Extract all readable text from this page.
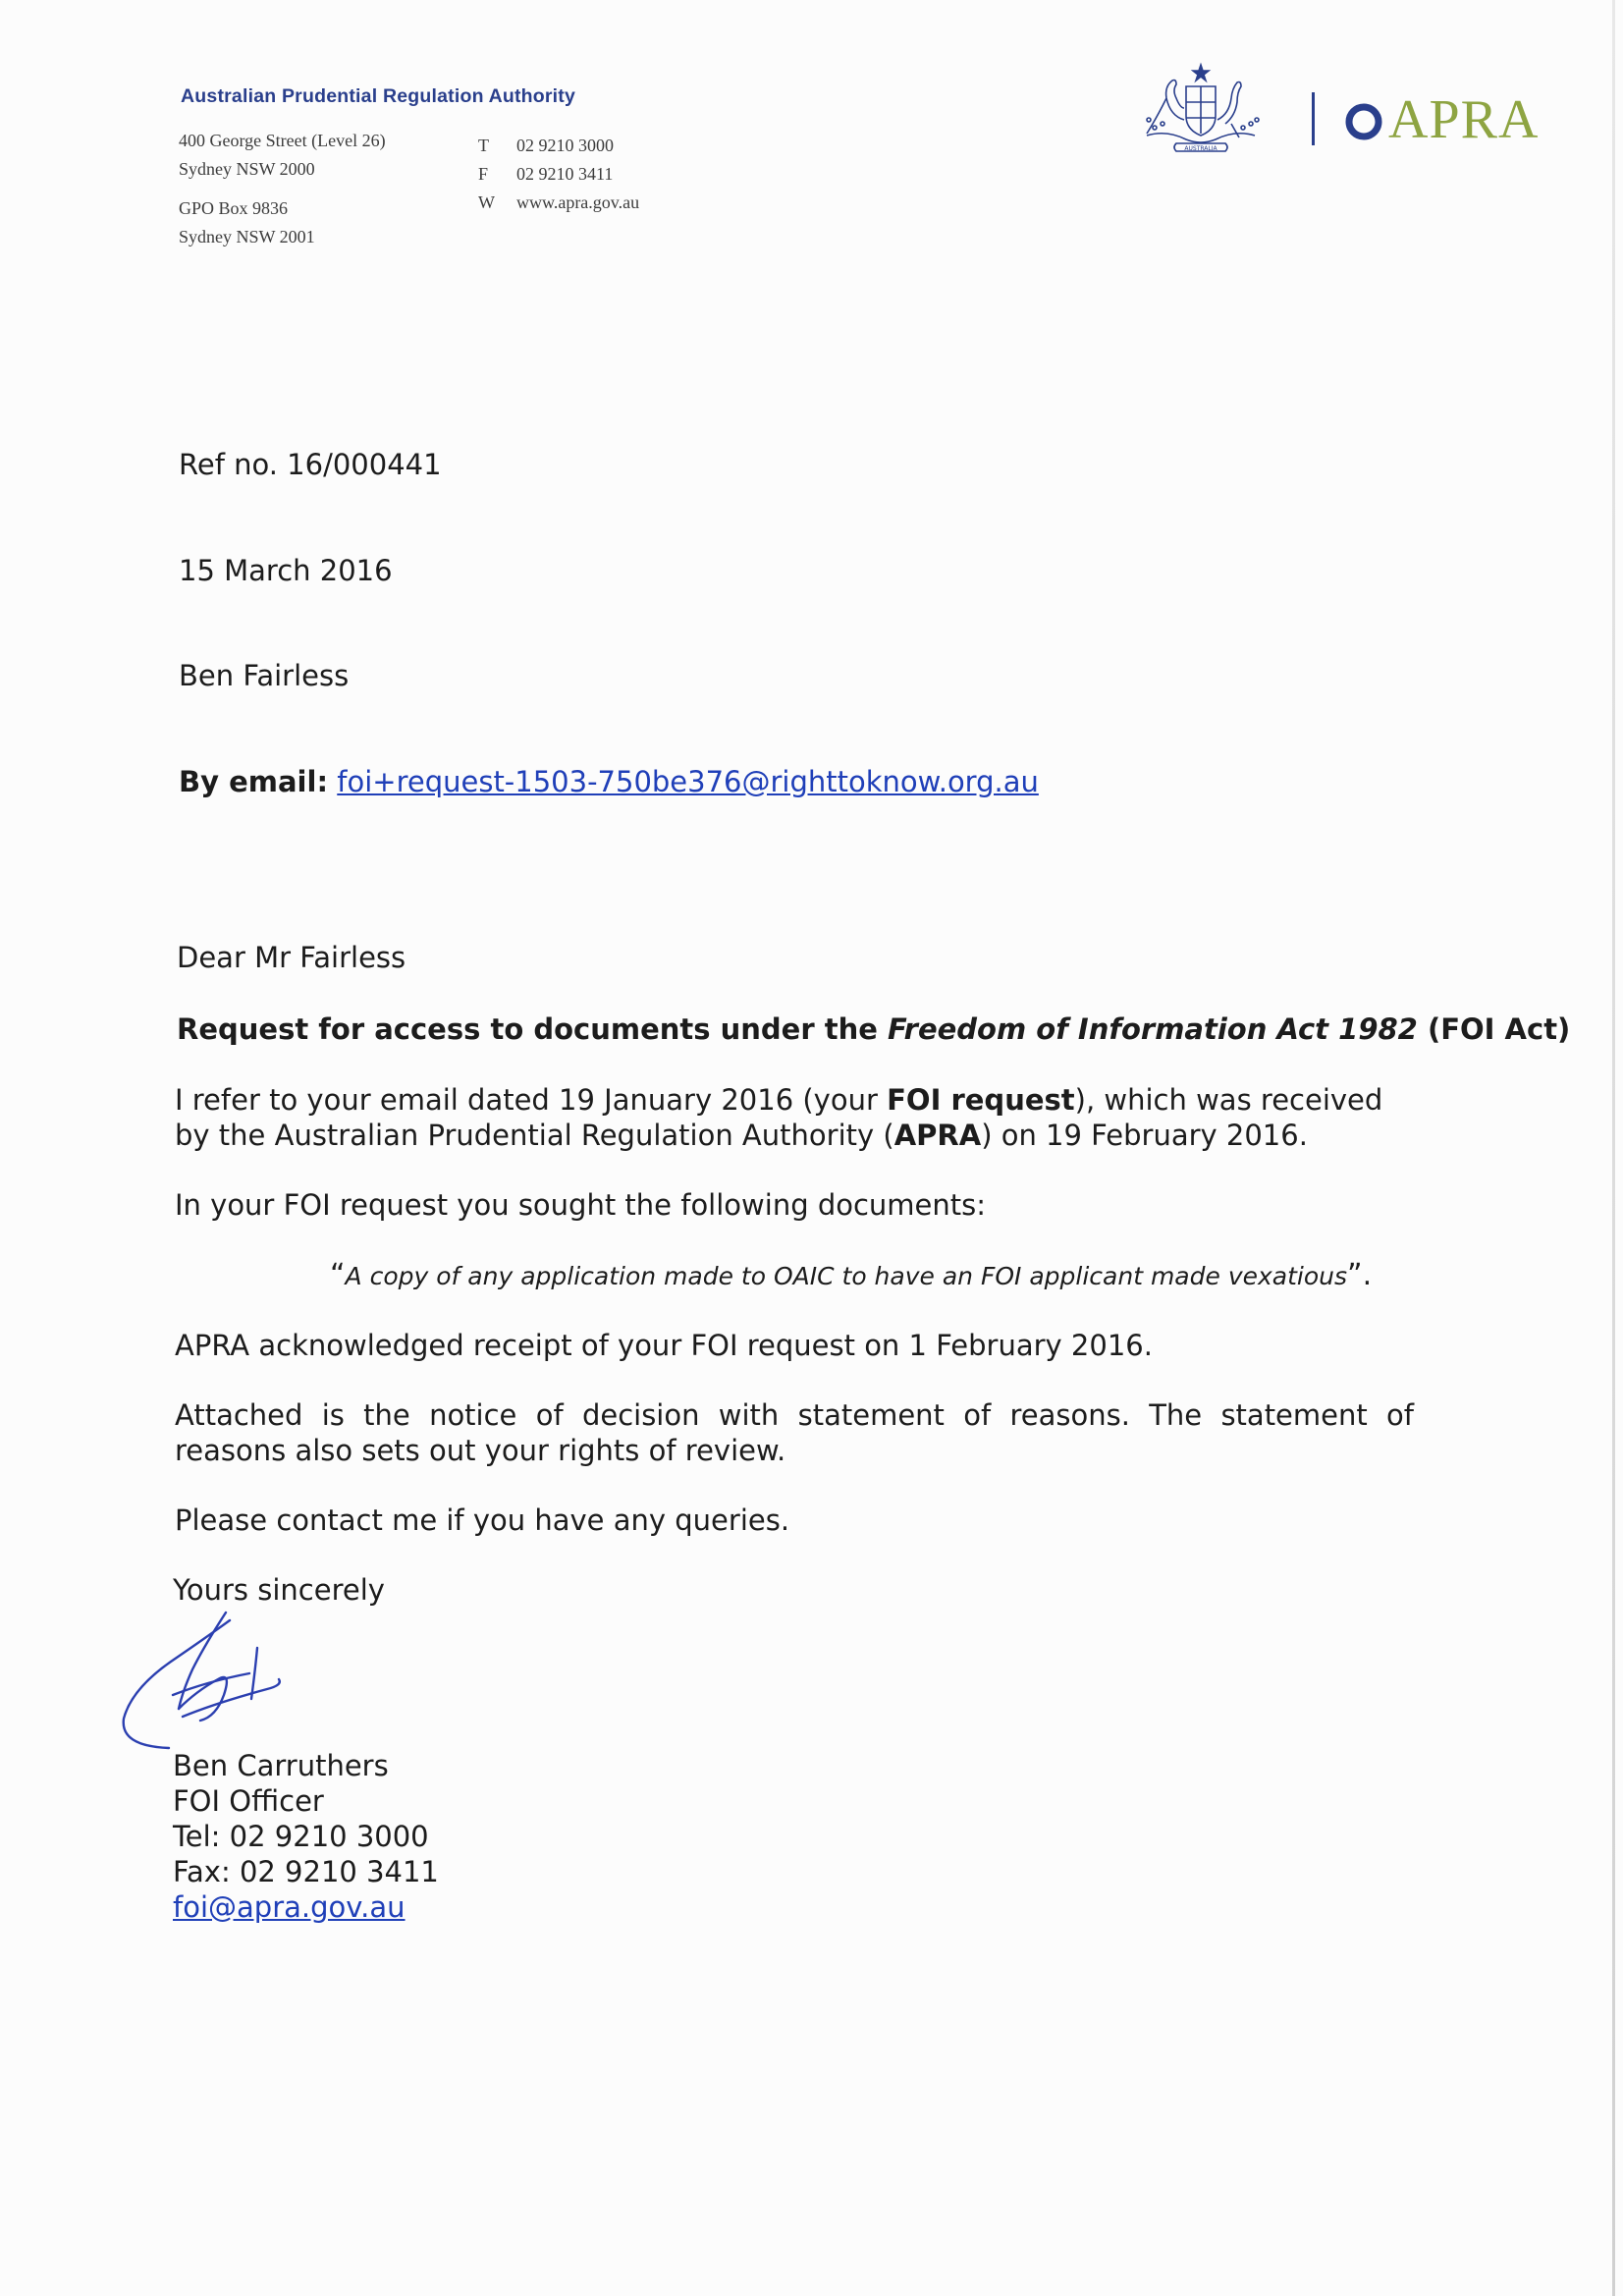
Australian Prudential Regulation Authority
400 George Street (Level 26)
Sydney NSW 2000
GPO Box 9836
Sydney NSW 2001
T	02 9210 3000
F	02 9210 3411
W	www.apra.gov.au
AUSTRALIA	APRA
Ref no. 16/000441
15 March 2016
Ben Fairless
By email: foi+request-1503-750be376@righttoknow.org.au
Dear Mr Fairless
Request for access to documents under the Freedom of Information Act 1982 (FOI Act)
I refer to your email dated 19 January 2016 (your FOI request), which was received by the Australian Prudential Regulation Authority (APRA) on 19 February 2016.
In your FOI request you sought the following documents:
“A copy of any application made to OAIC to have an FOI applicant made vexatious”.
APRA acknowledged receipt of your FOI request on 1 February 2016.
Attached is the notice of decision with statement of reasons. The statement of reasons also sets out your rights of review.
Please contact me if you have any queries.
Yours sincerely
Ben Carruthers
FOI Officer
Tel: 02 9210 3000
Fax: 02 9210 3411
foi@apra.gov.au
